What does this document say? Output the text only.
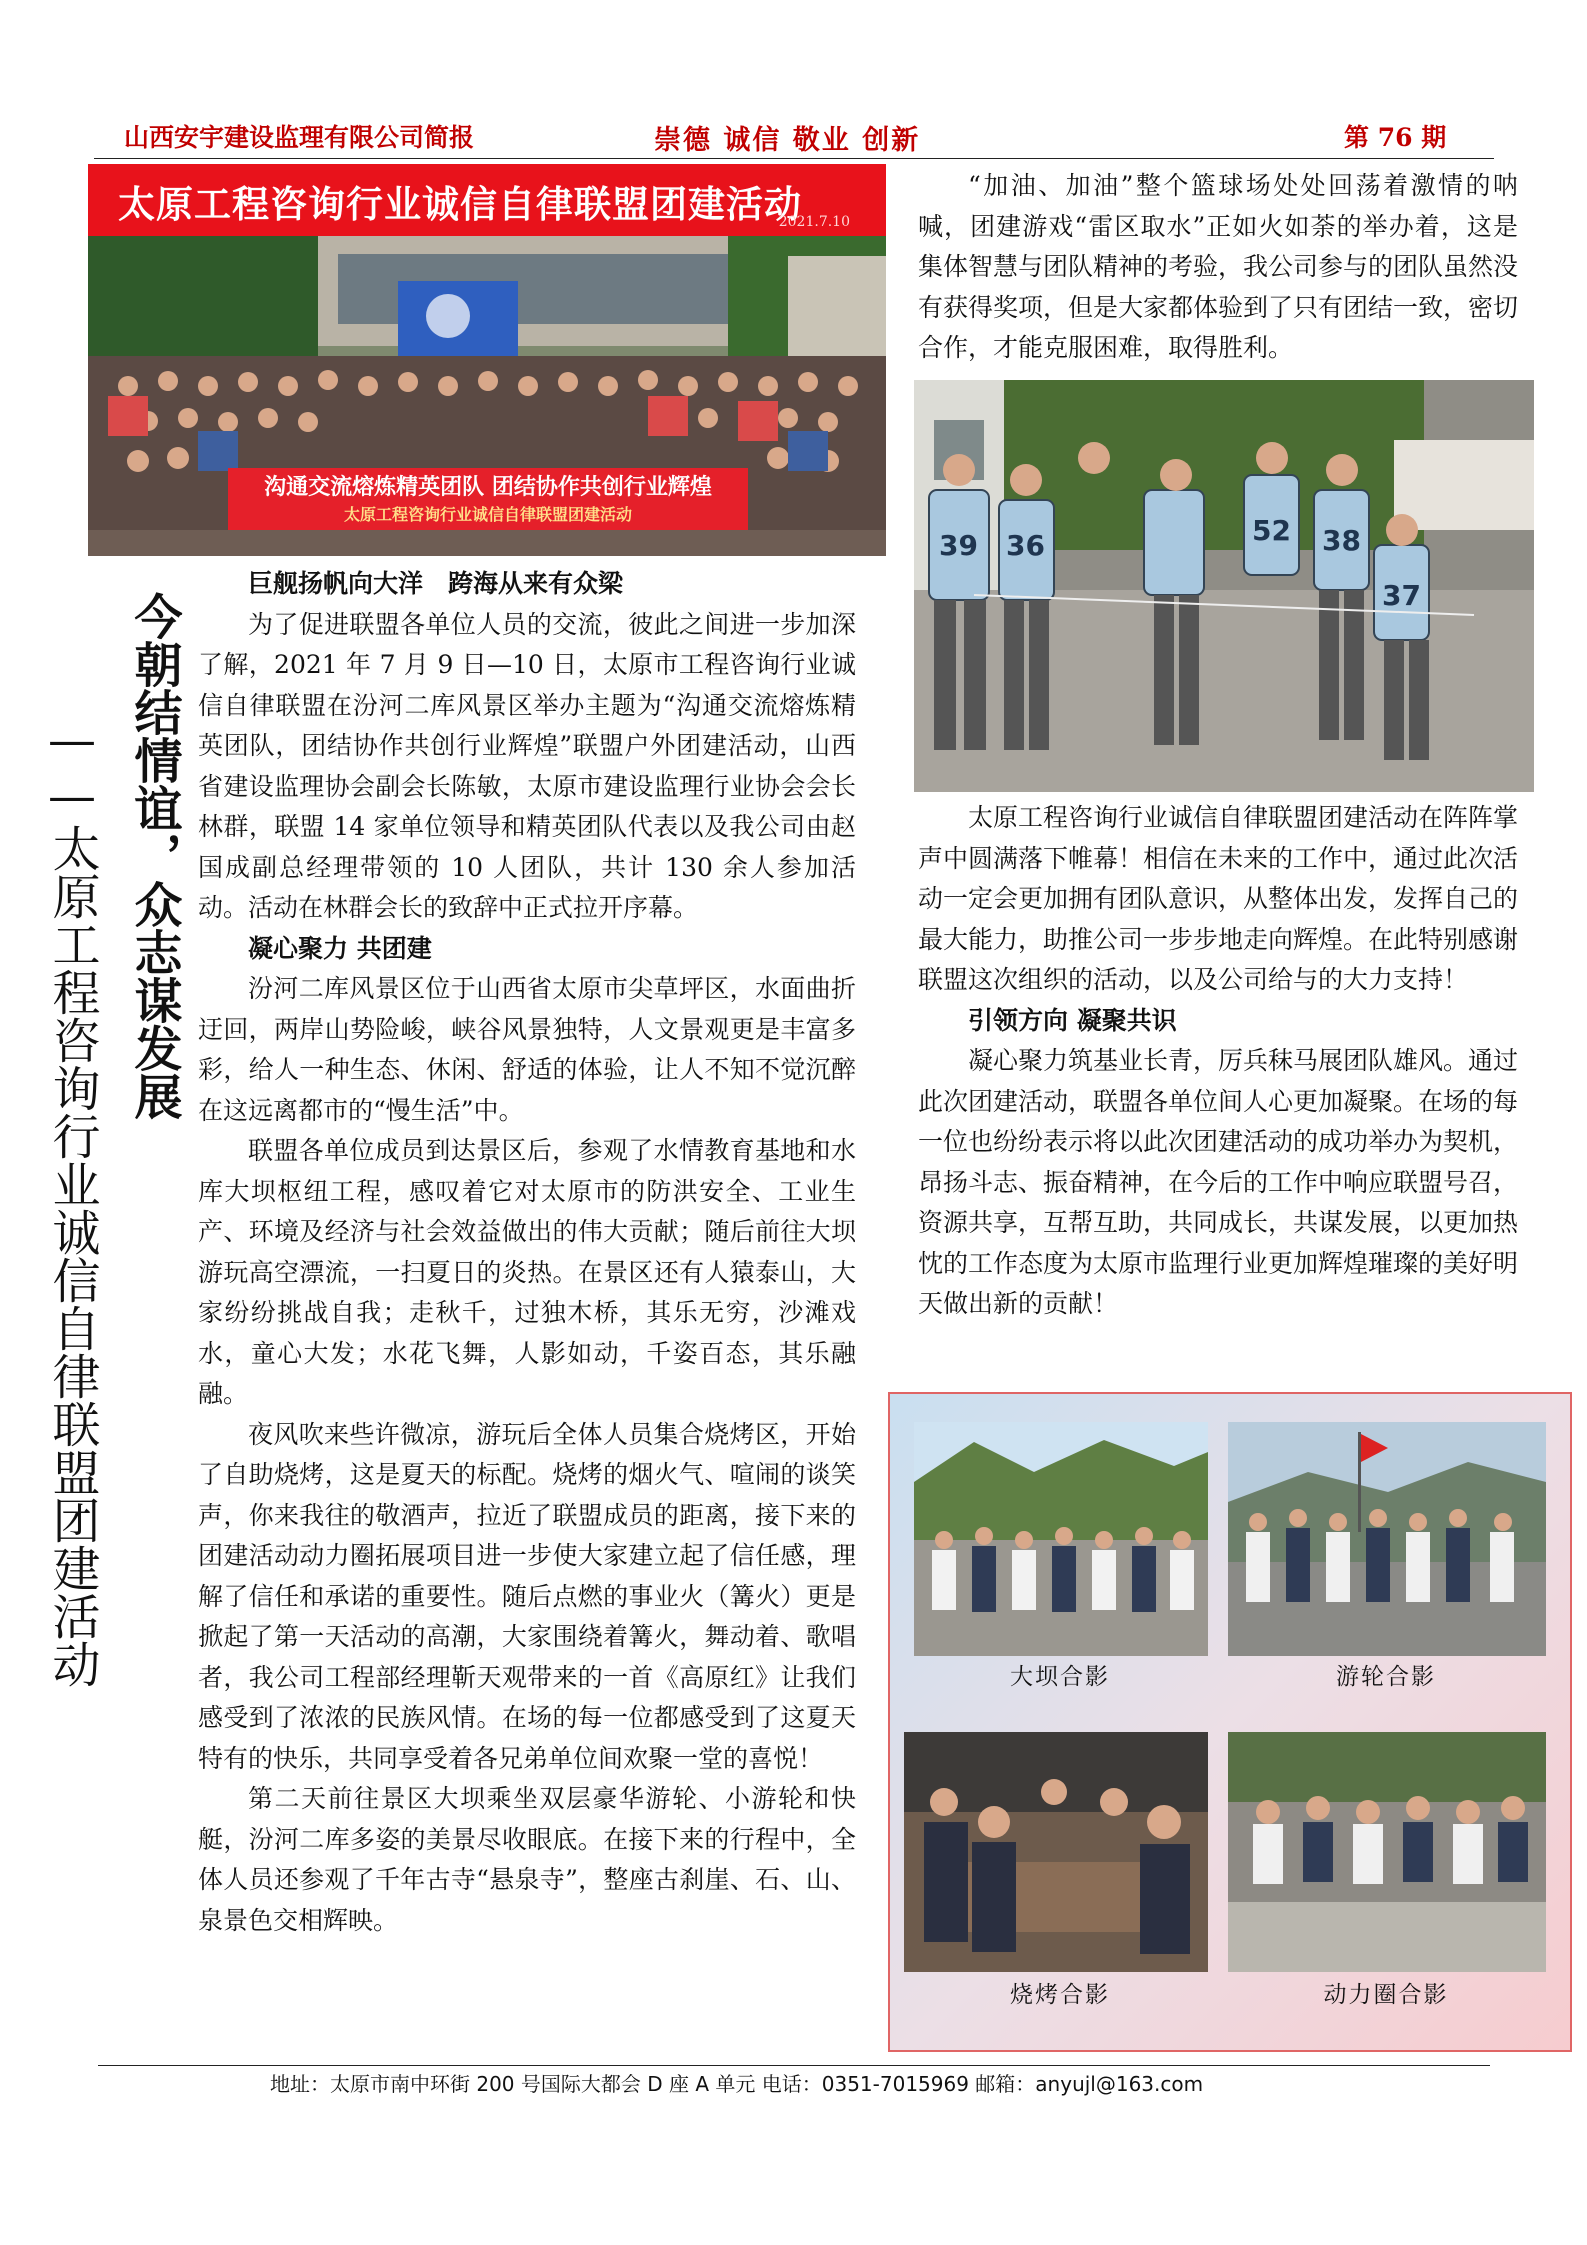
山西安宇建设监理有限公司简报	崇德 诚信 敬业 创新	第 76 期
太原工程咨询行业诚信自律联盟团建活动
2021.7.10
沟通交流熔炼精英团队 团结协作共创行业辉煌
太原工程咨询行业诚信自律联盟团建活动
今朝结情谊，众志谋发展
——太原工程咨询行业诚信自律联盟团建活动

巨舰扬帆向大洋　跨海从来有众梁

为了促进联盟各单位人员的交流，彼此之间进一步加深了解，2021 年 7 月 9 日—10 日，太原市工程咨询行业诚信自律联盟在汾河二库风景区举办主题为“沟通交流熔炼精英团队，团结协作共创行业辉煌”联盟户外团建活动，山西省建设监理协会副会长陈敏，太原市建设监理行业协会会长林群，联盟 14 家单位领导和精英团队代表以及我公司由赵国成副总经理带领的 10 人团队，共计 130 余人参加活动。活动在林群会长的致辞中正式拉开序幕。

凝心聚力 共团建

汾河二库风景区位于山西省太原市尖草坪区，水面曲折迂回，两岸山势险峻，峡谷风景独特，人文景观更是丰富多彩，给人一种生态、休闲、舒适的体验，让人不知不觉沉醉在这远离都市的“慢生活”中。

联盟各单位成员到达景区后，参观了水情教育基地和水库大坝枢纽工程，感叹着它对太原市的防洪安全、工业生产、环境及经济与社会效益做出的伟大贡献；随后前往大坝游玩高空漂流，一扫夏日的炎热。在景区还有人猿泰山，大家纷纷挑战自我；走秋千，过独木桥，其乐无穷，沙滩戏水，童心大发；水花飞舞，人影如动，千姿百态，其乐融融。

夜风吹来些许微凉，游玩后全体人员集合烧烤区，开始了自助烧烤，这是夏天的标配。烧烤的烟火气、喧闹的谈笑声，你来我往的敬酒声，拉近了联盟成员的距离，接下来的团建活动动力圈拓展项目进一步使大家建立起了信任感，理解了信任和承诺的重要性。随后点燃的事业火（篝火）更是掀起了第一天活动的高潮，大家围绕着篝火，舞动着、歌唱者，我公司工程部经理靳天观带来的一首《高原红》让我们感受到了浓浓的民族风情。在场的每一位都感受到了这夏天特有的快乐，共同享受着各兄弟单位间欢聚一堂的喜悦！

第二天前往景区大坝乘坐双层豪华游轮、小游轮和快艇，汾河二库多姿的美景尽收眼底。在接下来的行程中，全体人员还参观了千年古寺“悬泉寺”，整座古刹崖、石、山、泉景色交相辉映。

“加油、加油”整个篮球场处处回荡着激情的呐喊，团建游戏“雷区取水”正如火如荼的举办着，这是集体智慧与团队精神的考验，我公司参与的团队虽然没有获得奖项，但是大家都体验到了只有团结一致，密切合作，才能克服困难，取得胜利。

39 36	52 38
37

太原工程咨询行业诚信自律联盟团建活动在阵阵掌声中圆满落下帷幕！相信在未来的工作中，通过此次活动一定会更加拥有团队意识，从整体出发，发挥自己的最大能力，助推公司一步步地走向辉煌。在此特别感谢联盟这次组织的活动，以及公司给与的大力支持！

引领方向 凝聚共识

凝心聚力筑基业长青，厉兵秣马展团队雄风。通过此次团建活动，联盟各单位间人心更加凝聚。在场的每一位也纷纷表示将以此次团建活动的成功举办为契机，昂扬斗志、振奋精神，在今后的工作中响应联盟号召，资源共享，互帮互助，共同成长，共谋发展，以更加热忱的工作态度为太原市监理行业更加辉煌璀璨的美好明天做出新的贡献！

大坝合影	游轮合影
烧烤合影	动力圈合影
地址：太原市南中环街 200 号国际大都会 D 座 A 单元 电话：0351-7015969 邮箱：anyujl@163.com
